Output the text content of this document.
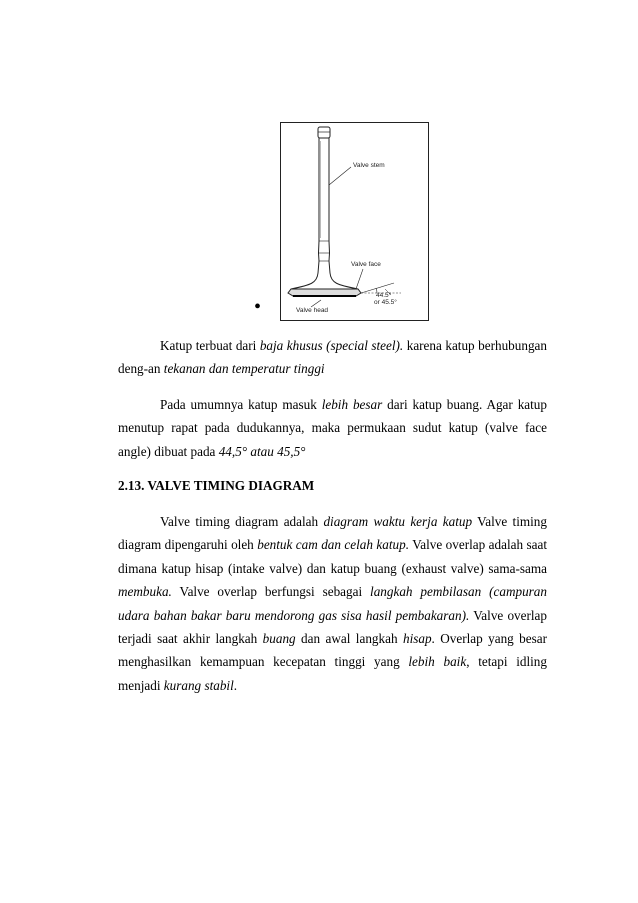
Valve stem
Valve face
Valve head
44.5°
or 45.5°
•

Katup terbuat dari baja khusus (special steel). karena katup berhubungan deng-an tekanan dan temperatur tinggi

Pada umumnya katup masuk lebih besar dari katup buang. Agar katup menutup rapat pada dudukannya, maka permukaan sudut katup (valve face angle) dibuat pada 44,5° atau 45,5°

2.13. VALVE TIMING DIAGRAM

Valve timing diagram adalah diagram waktu kerja katup Valve timing diagram dipengaruhi oleh bentuk cam dan celah katup. Valve overlap adalah saat dimana katup hisap (intake valve) dan katup buang (exhaust valve) sama-sama membuka. Valve overlap berfungsi sebagai langkah pembilasan (campuran udara bahan bakar baru mendorong gas sisa hasil pembakaran). Valve overlap terjadi saat akhir langkah buang dan awal langkah hisap. Overlap yang besar menghasilkan kemampuan kecepatan tinggi yang lebih baik, tetapi idling menjadi kurang stabil.
